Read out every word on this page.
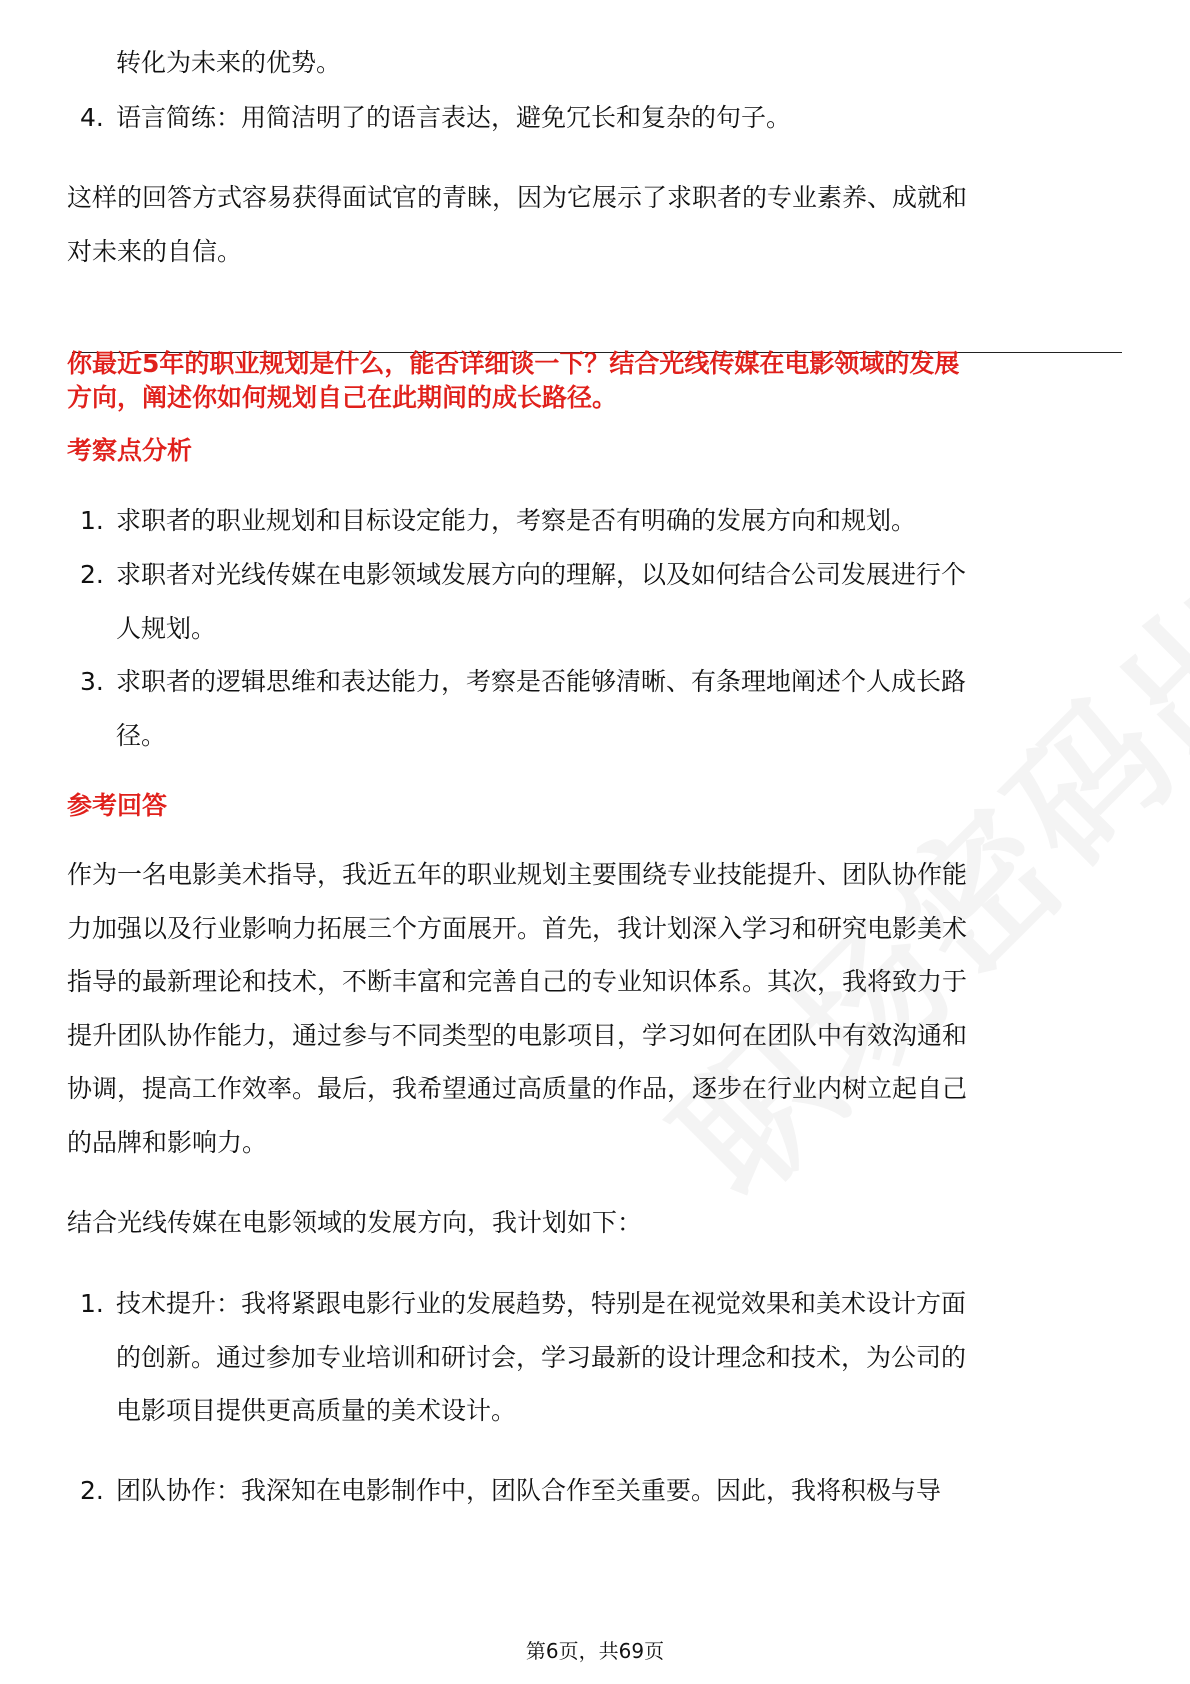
转化为未来的优势。
4. 语言简练：用简洁明了的语言表达，避免冗长和复杂的句子。
这样的回答方式容易获得面试官的青睐，因为它展示了求职者的专业素养、成就和
对未来的自信。
你最近5年的职业规划是什么，能否详细谈一下？结合光线传媒在电影领域的发展
方向，阐述你如何规划自己在此期间的成长路径。
考察点分析
1. 求职者的职业规划和目标设定能力，考察是否有明确的发展方向和规划。
2. 求职者对光线传媒在电影领域发展方向的理解，以及如何结合公司发展进行个
人规划。
3. 求职者的逻辑思维和表达能力，考察是否能够清晰、有条理地阐述个人成长路
径。
参考回答
作为一名电影美术指导，我近五年的职业规划主要围绕专业技能提升、团队协作能
力加强以及行业影响力拓展三个方面展开。首先，我计划深入学习和研究电影美术
指导的最新理论和技术，不断丰富和完善自己的专业知识体系。其次，我将致力于
提升团队协作能力，通过参与不同类型的电影项目，学习如何在团队中有效沟通和
协调，提高工作效率。最后，我希望通过高质量的作品，逐步在行业内树立起自己
的品牌和影响力。
结合光线传媒在电影领域的发展方向，我计划如下：
1. 技术提升：我将紧跟电影行业的发展趋势，特别是在视觉效果和美术设计方面
的创新。通过参加专业培训和研讨会，学习最新的设计理念和技术，为公司的
电影项目提供更高质量的美术设计。
2. 团队协作：我深知在电影制作中，团队合作至关重要。因此，我将积极与导
第6页，共69页
